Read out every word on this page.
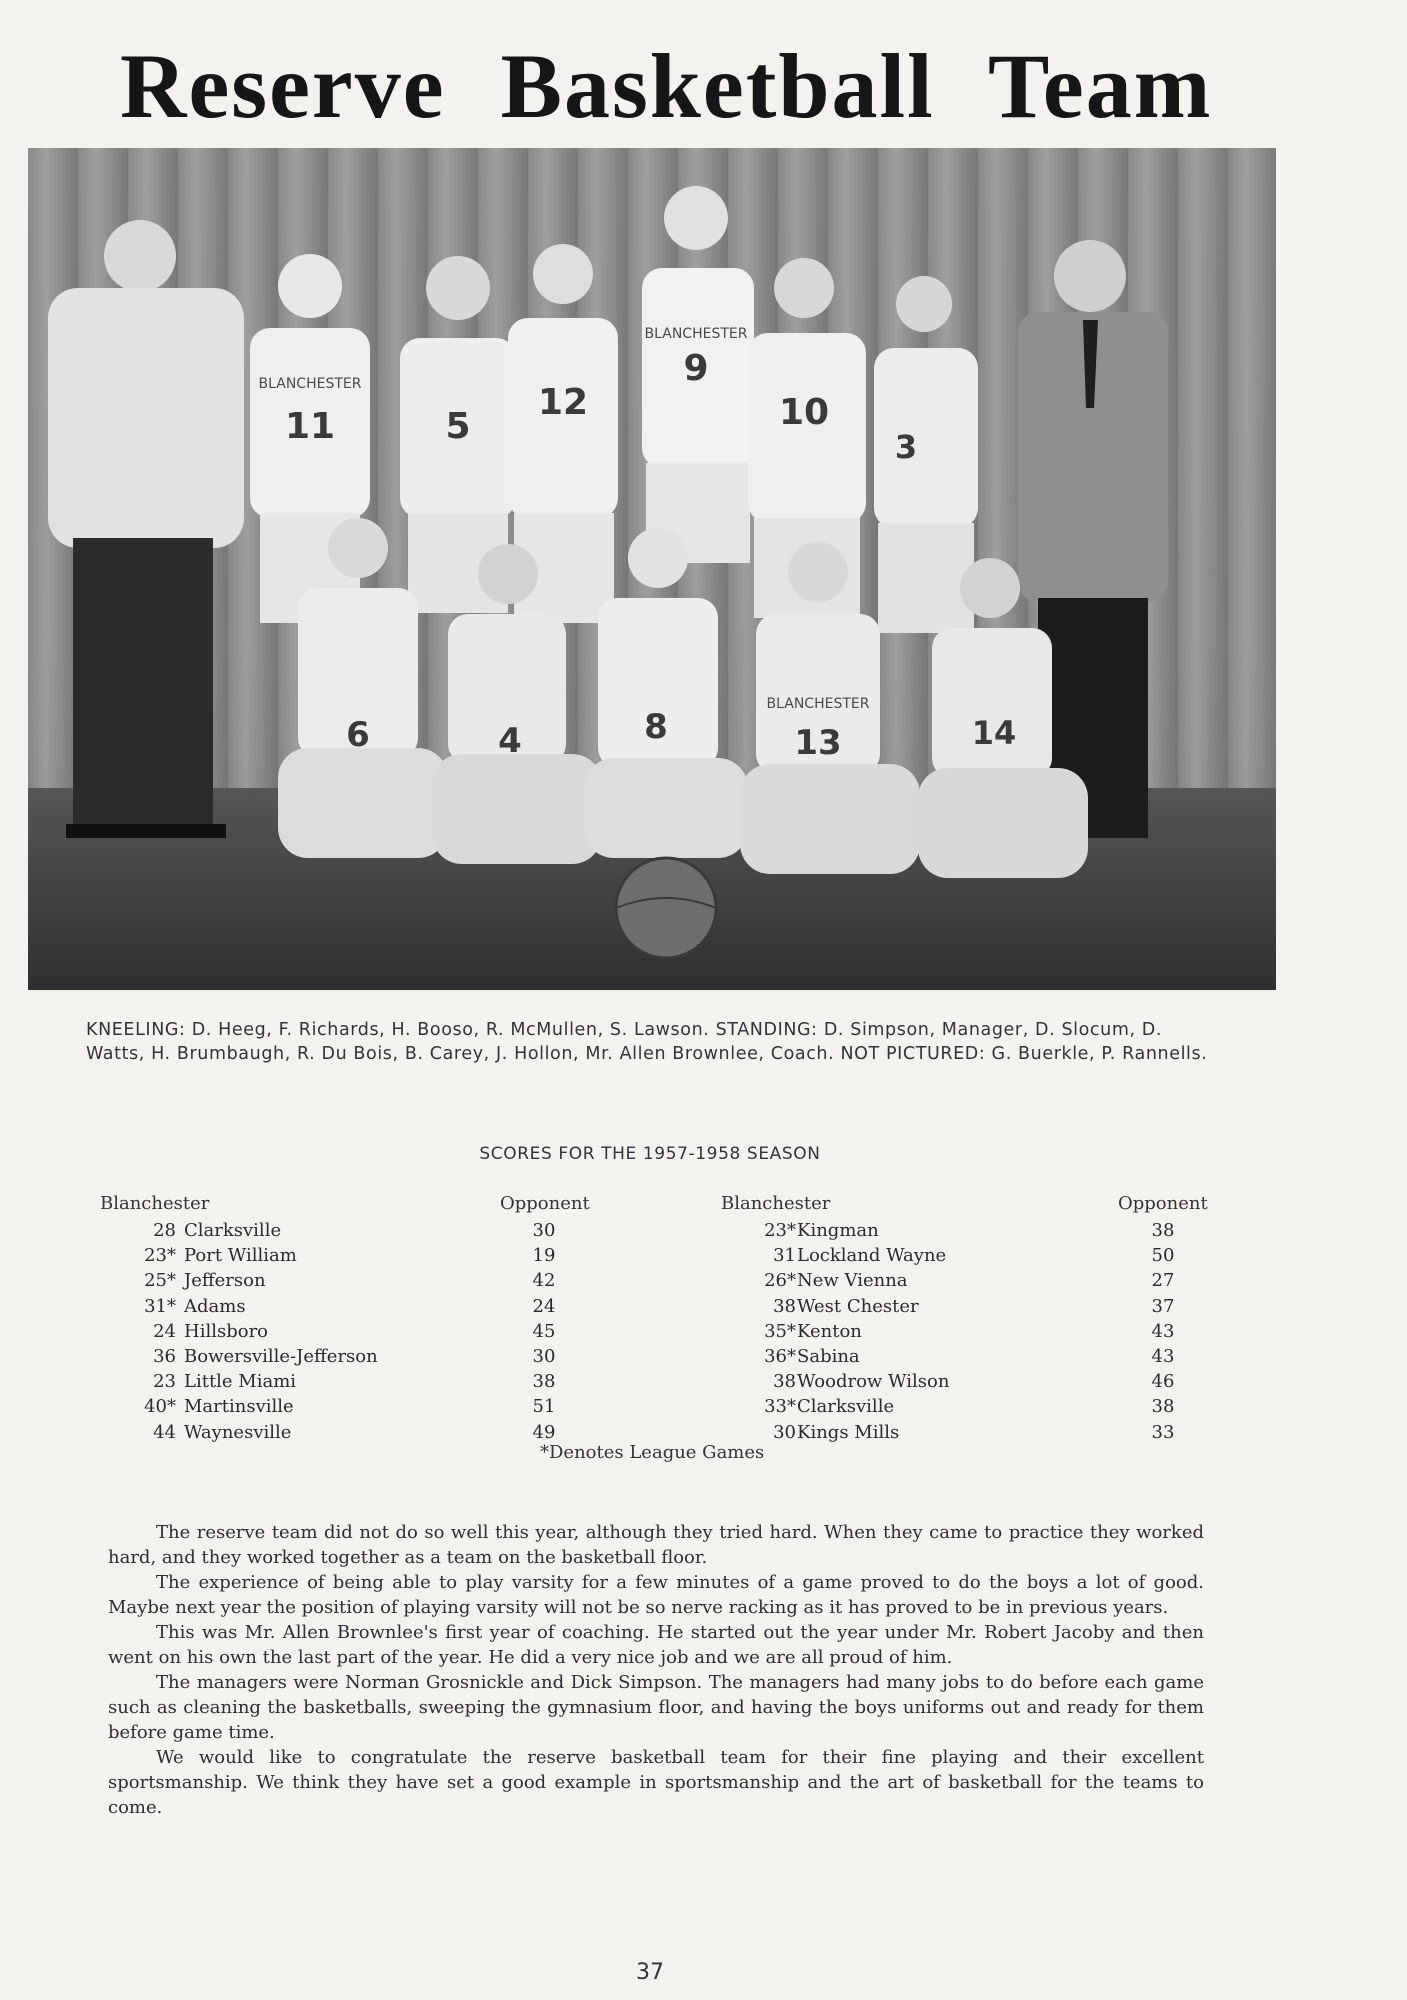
Reserve Basketball Team
11	5
12
9
10
3
6	4	8	13	14
BLANCHESTER
BLANCHESTER
BLANCHESTER
KNEELING: D. Heeg, F. Richards, H. Booso, R. McMullen, S. Lawson. STANDING: D. Simpson, Manager, D. Slocum, D. Watts, H. Brumbaugh, R. Du Bois, B. Carey, J. Hollon, Mr. Allen Brownlee, Coach. NOT PICTURED: G. Buerkle, P. Rannells.
SCORES FOR THE 1957-1958 SEASON
Blanchester	Opponent	Blanchester	Opponent
28 Clarksville	30
23* Port William	19
25* Jefferson	42
31* Adams	24
24 Hillsboro	45
36 Bowersville-Jefferson	30
23 Little Miami	38
40* Martinsville	51
44 Waynesville	49
23* Kingman	38
31 Lockland Wayne	50
26* New Vienna	27
38 West Chester	37
35* Kenton	43
36* Sabina	43
38 Woodrow Wilson	46
33* Clarksville	38
30 Kings Mills	33
*Denotes League Games

The reserve team did not do so well this year, although they tried hard. When they came to practice they worked hard, and they worked together as a team on the basketball floor.

The experience of being able to play varsity for a few minutes of a game proved to do the boys a lot of good. Maybe next year the position of playing varsity will not be so nerve racking as it has proved to be in previous years.

This was Mr. Allen Brownlee's first year of coaching. He started out the year under Mr. Robert Jacoby and then went on his own the last part of the year. He did a very nice job and we are all proud of him.

The managers were Norman Grosnickle and Dick Simpson. The managers had many jobs to do before each game such as cleaning the basketballs, sweeping the gymnasium floor, and having the boys uniforms out and ready for them before game time.

We would like to congratulate the reserve basketball team for their fine playing and their excellent sportsmanship. We think they have set a good example in sportsmanship and the art of basketball for the teams to come.

37
